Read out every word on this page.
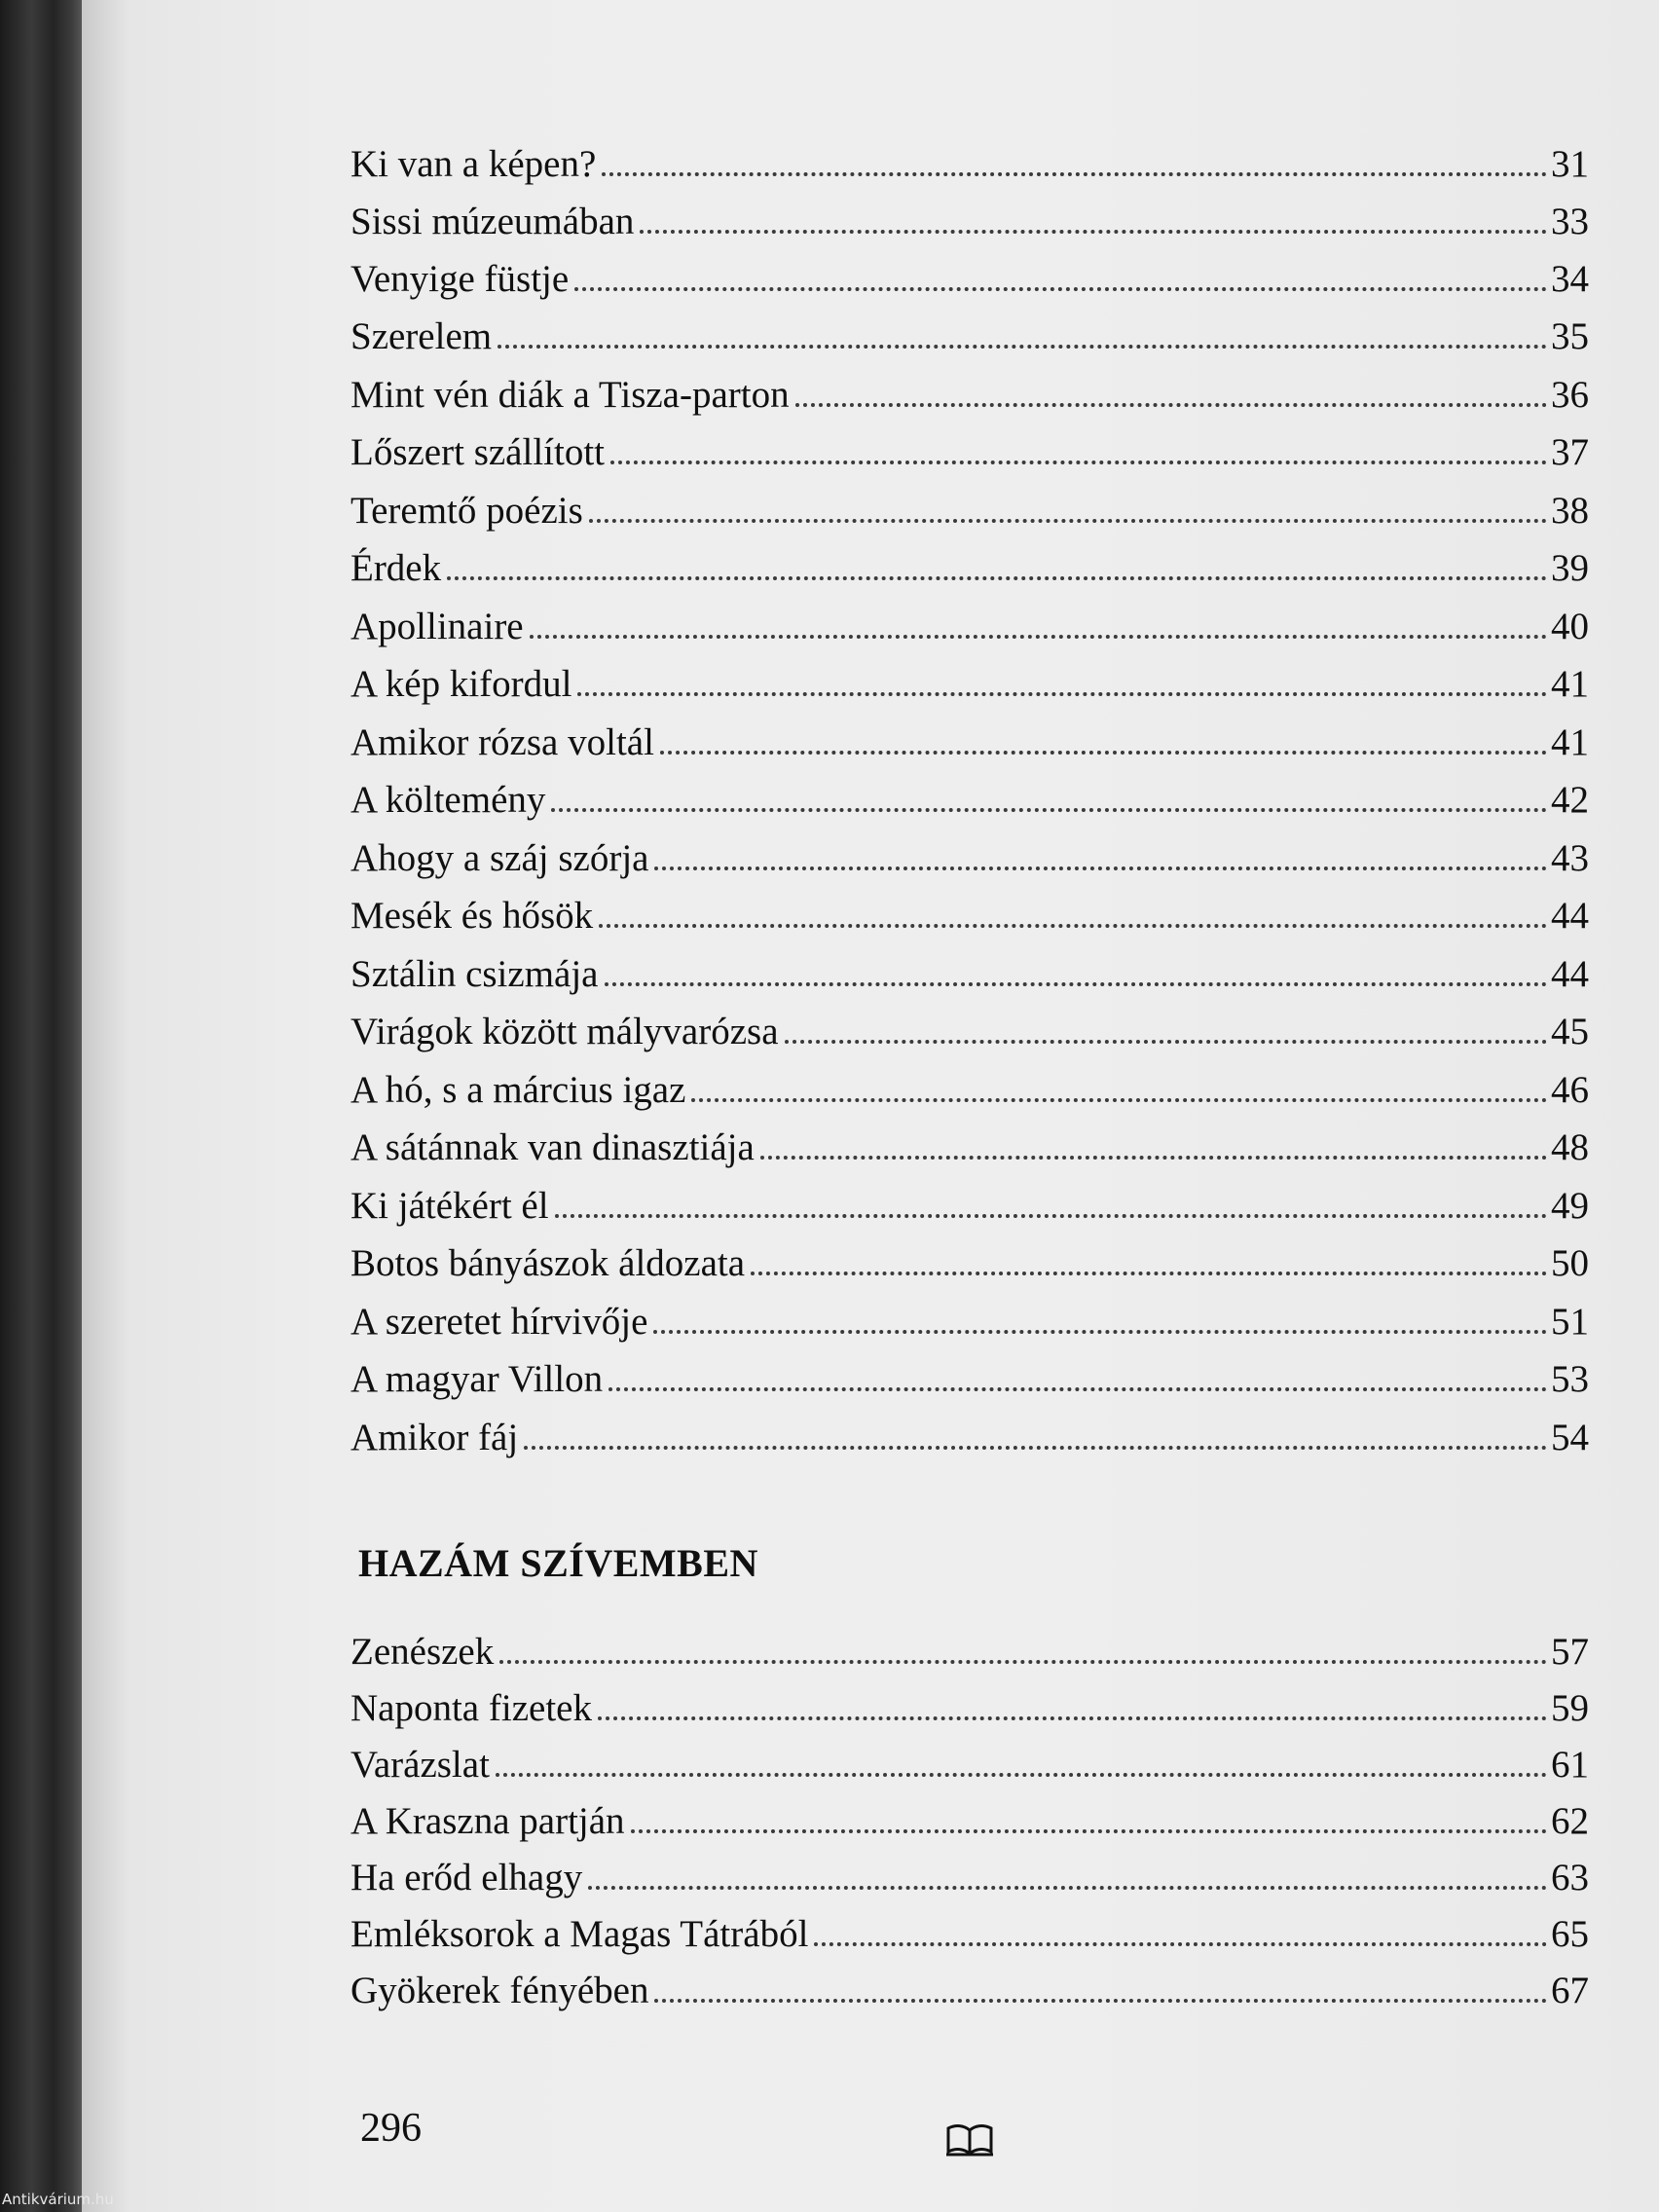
Ki van a képen?	31
Sissi múzeumában	33
Venyige füstje	34
Szerelem	35
Mint vén diák a Tisza-parton	36
Lőszert szállított	37
Teremtő poézis	38
Érdek	39
Apollinaire	40
A kép kifordul	41
Amikor rózsa voltál	41
A költemény	42
Ahogy a száj szórja	43
Mesék és hősök	44
Sztálin csizmája	44
Virágok között mályvarózsa	45
A hó, s a március igaz	46
A sátánnak van dinasztiája	48
Ki játékért él	49
Botos bányászok áldozata	50
A szeretet hírvivője	51
A magyar Villon	53
Amikor fáj	54
HAZÁM SZÍVEMBEN
Zenészek	57
Naponta fizetek	59
Varázslat	61
A Kraszna partján	62
Ha erőd elhagy	63
Emléksorok a Magas Tátrából	65
Gyökerek fényében	67
296
Antikvárium.hu
